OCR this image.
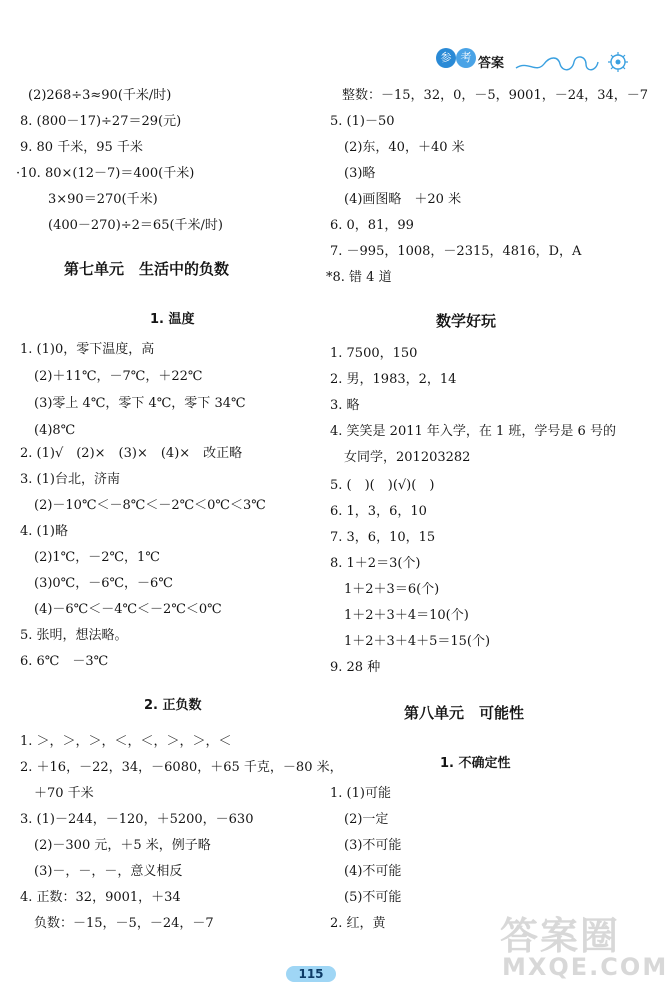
参 考 答案
(2)268÷3≈90(千米/时)
8. (800－17)÷27＝29(元)
9. 80 千米，95 千米
·10. 80×(12－7)＝400(千米)
3×90＝270(千米)
(400－270)÷2＝65(千米/时)
第七单元　生活中的负数
1. 温度
1. (1)0，零下温度，高
(2)＋11℃，－7℃，＋22℃
(3)零上 4℃，零下 4℃，零下 34℃
(4)8℃
2. (1)√　(2)×　(3)×　(4)×　改正略
3. (1)台北，济南
(2)－10℃＜－8℃＜－2℃＜0℃＜3℃
4. (1)略
(2)1℃，－2℃，1℃
(3)0℃，－6℃，－6℃
(4)－6℃＜－4℃＜－2℃＜0℃
5. 张明，想法略。
6. 6℃　－3℃
2. 正负数
1. ＞，＞，＞，＜，＜，＞，＞，＜
2. ＋16，－22，34，－6080，＋65 千克，－80 米，
＋70 千米
3. (1)－244，－120，＋5200，－630
(2)－300 元，＋5 米，例子略
(3)－，－，－，意义相反
4. 正数：32，9001，＋34
负数：－15，－5，－24，－7
整数：－15，32，0，－5，9001，－24，34，－7
5. (1)－50
(2)东，40，＋40 米
(3)略
(4)画图略　＋20 米
6. 0，81，99
7. －995，1008，－2315，4816，D，A
*8. 错 4 道
数学好玩
1. 7500，150
2. 男，1983，2，14
3. 略
4. 笑笑是 2011 年入学，在 1 班，学号是 6 号的
女同学，201203282
5. (　)(　)(√)(　)
6. 1，3，6，10
7. 3，6，10，15
8. 1＋2＝3(个)
1＋2＋3＝6(个)
1＋2＋3＋4＝10(个)
1＋2＋3＋4＋5＝15(个)
9. 28 种
第八单元　可能性
1. 不确定性
1. (1)可能
(2)一定
(3)不可能
(4)不可能
(5)不可能
2. 红，黄
115
答案圈
MXQE.COM
